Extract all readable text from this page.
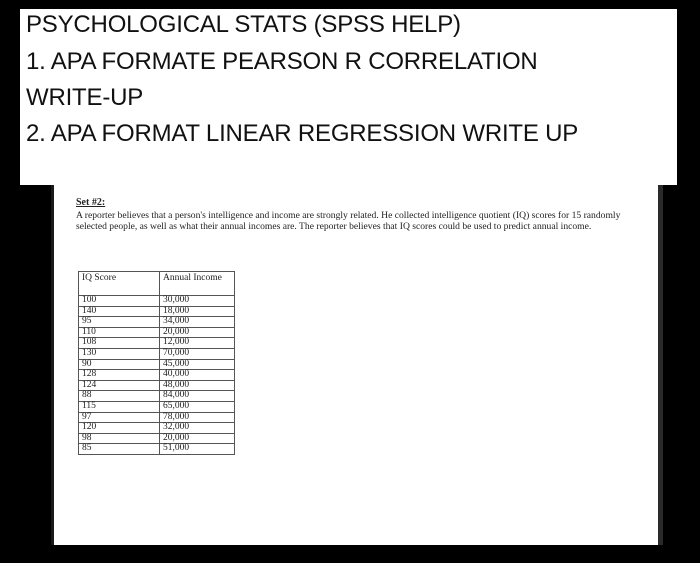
PSYCHOLOGICAL STATS (SPSS HELP)
1. APA FORMATE PEARSON R CORRELATION
WRITE-UP
2. APA FORMAT LINEAR REGRESSION WRITE UP
Set #2:
A reporter believes that a person's intelligence and income are strongly related. He collected intelligence quotient (IQ) scores for 15 randomly selected people, as well as what their annual incomes are. The reporter believes that IQ scores could be used to predict annual income.
IQ Score	Annual Income
100	30,000
140	18,000
95	34,000
110	20,000
108	12,000
130	70,000
90	45,000
128	40,000
124	48,000
88	84,000
115	65,000
97	78,000
120	32,000
98	20,000
85	51,000
